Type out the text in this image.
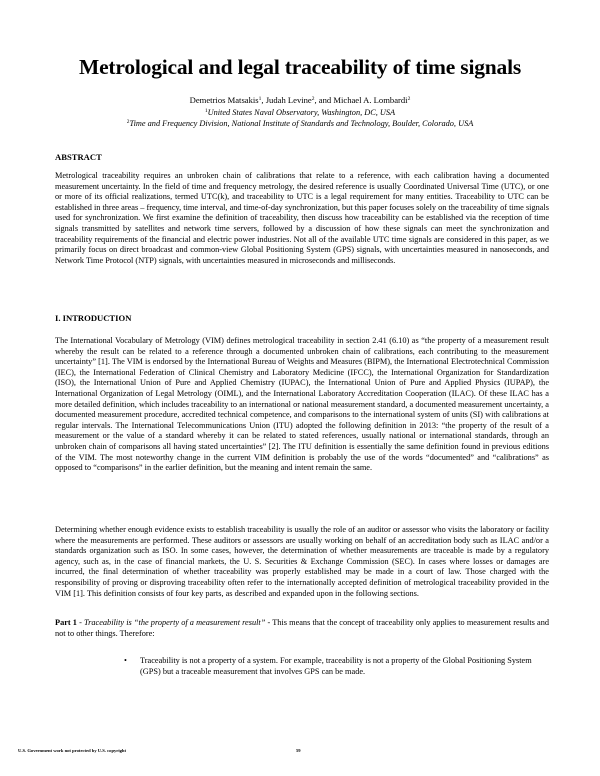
Metrological and legal traceability of time signals
Demetrios Matsakis$^1$, Judah Levine$^2$, and Michael A. Lombardi$^2$
$^1$United States Naval Observatory, Washington, DC, USA
$^2$Time and Frequency Division, National Institute of Standards and Technology, Boulder, Colorado, USA
ABSTRACT

Metrological traceability requires an unbroken chain of calibrations that relate to a reference, with each calibration having a documented measurement uncertainty. In the field of time and frequency metrology, the desired reference is usually Coordinated Universal Time (UTC), or one or more of its official realizations, termed UTC(k), and traceability to UTC is a legal requirement for many entities. Traceability to UTC can be established in three areas – frequency, time interval, and time-of-day synchronization, but this paper focuses solely on the traceability of time signals used for synchronization. We first examine the definition of traceability, then discuss how traceability can be established via the reception of time signals transmitted by satellites and network time servers, followed by a discussion of how these signals can meet the synchronization and traceability requirements of the financial and electric power industries. Not all of the available UTC time signals are considered in this paper, as we primarily focus on direct broadcast and common-view Global Positioning System (GPS) signals, with uncertainties measured in nanoseconds, and Network Time Protocol (NTP) signals, with uncertainties measured in microseconds and milliseconds.

I. INTRODUCTION

The International Vocabulary of Metrology (VIM) defines metrological traceability in section 2.41 (6.10) as “the property of a measurement result whereby the result can be related to a reference through a documented unbroken chain of calibrations, each contributing to the measurement uncertainty” [1]. The VIM is endorsed by the International Bureau of Weights and Measures (BIPM), the International Electrotechnical Commission (IEC), the International Federation of Clinical Chemistry and Laboratory Medicine (IFCC), the International Organization for Standardization (ISO), the International Union of Pure and Applied Chemistry (IUPAC), the International Union of Pure and Applied Physics (IUPAP), the International Organization of Legal Metrology (OIML), and the International Laboratory Accreditation Cooperation (ILAC). Of these ILAC has a more detailed definition, which includes traceability to an international or national measurement standard, a documented measurement uncertainty, a documented measurement procedure, accredited technical competence, and comparisons to the international system of units (SI) with calibrations at regular intervals. The International Telecommunications Union (ITU) adopted the following definition in 2013: “the property of the result of a measurement or the value of a standard whereby it can be related to stated references, usually national or international standards, through an unbroken chain of comparisons all having stated uncertainties” [2]. The ITU definition is essentially the same definition found in previous editions of the VIM. The most noteworthy change in the current VIM definition is probably the use of the words “documented” and “calibrations” as opposed to “comparisons” in the earlier definition, but the meaning and intent remain the same.

Determining whether enough evidence exists to establish traceability is usually the role of an auditor or assessor who visits the laboratory or facility where the measurements are performed. These auditors or assessors are usually working on behalf of an accreditation body such as ILAC and/or a standards organization such as ISO. In some cases, however, the determination of whether measurements are traceable is made by a regulatory agency, such as, in the case of financial markets, the U. S. Securities & Exchange Commission (SEC). In cases where losses or damages are incurred, the final determination of whether traceability was properly established may be made in a court of law. Those charged with the responsibility of proving or disproving traceability often refer to the internationally accepted definition of metrological traceability provided in the VIM [1]. This definition consists of four key parts, as described and expanded upon in the following sections.

Part 1 - Traceability is “the property of a measurement result” - This means that the concept of traceability only applies to measurement results and not to other things. Therefore:

• Traceability is not a property of a system. For example, traceability is not a property of the Global Positioning System (GPS) but a traceable measurement that involves GPS can be made.
U.S. Government work not protected by U.S. copyright	59
